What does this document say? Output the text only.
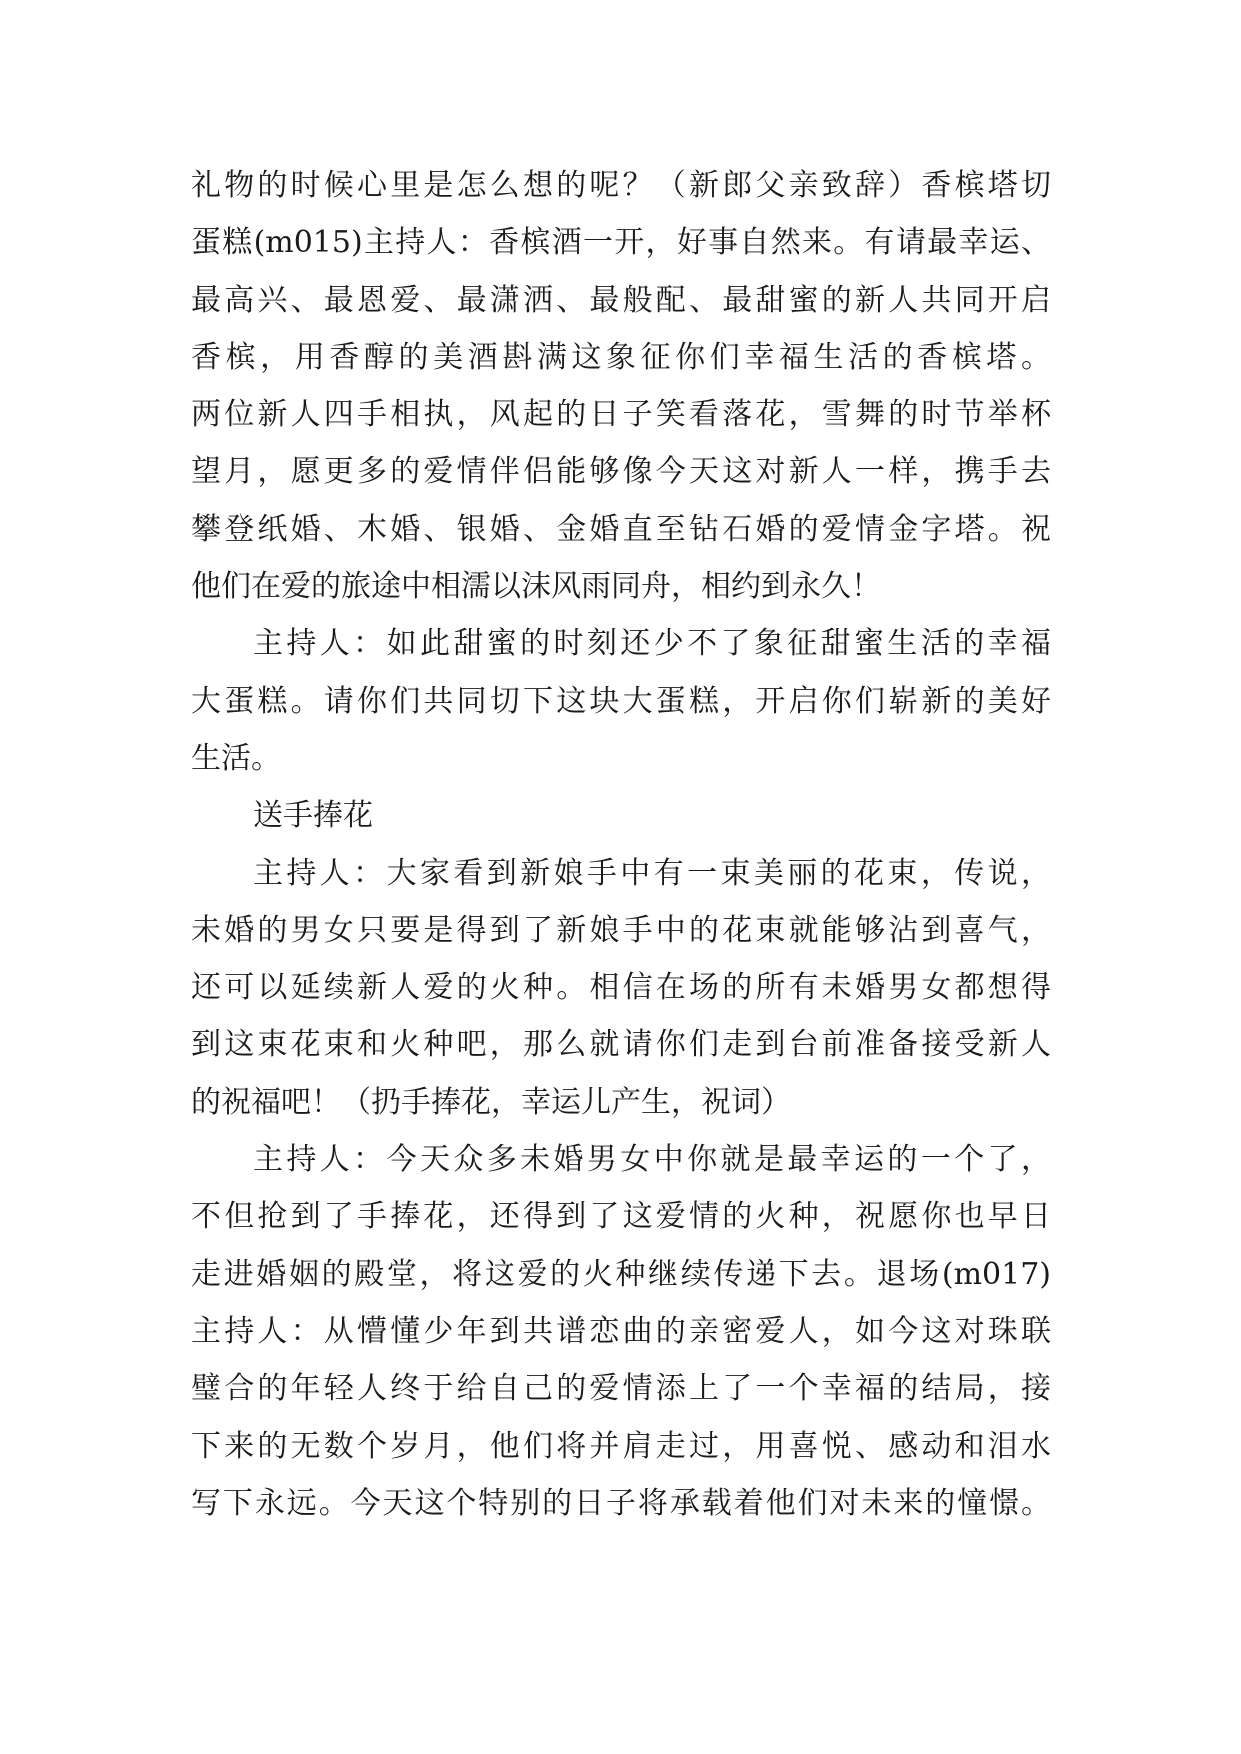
礼物的时候心里是怎么想的呢？（新郎父亲致辞）香槟塔切
蛋糕(m015)主持人：香槟酒一开，好事自然来。有请最幸运、
最高兴、最恩爱、最潇洒、最般配、最甜蜜的新人共同开启
香槟，用香醇的美酒斟满这象征你们幸福生活的香槟塔。
两位新人四手相执，风起的日子笑看落花，雪舞的时节举杯
望月，愿更多的爱情伴侣能够像今天这对新人一样，携手去
攀登纸婚、木婚、银婚、金婚直至钻石婚的爱情金字塔。祝
他们在爱的旅途中相濡以沫风雨同舟，相约到永久！
主持人：如此甜蜜的时刻还少不了象征甜蜜生活的幸福
大蛋糕。请你们共同切下这块大蛋糕，开启你们崭新的美好
生活。
送手捧花
主持人：大家看到新娘手中有一束美丽的花束，传说，
未婚的男女只要是得到了新娘手中的花束就能够沾到喜气，
还可以延续新人爱的火种。相信在场的所有未婚男女都想得
到这束花束和火种吧，那么就请你们走到台前准备接受新人
的祝福吧！（扔手捧花，幸运儿产生，祝词）
主持人：今天众多未婚男女中你就是最幸运的一个了，
不但抢到了手捧花，还得到了这爱情的火种，祝愿你也早日
走进婚姻的殿堂，将这爱的火种继续传递下去。退场(m017)
主持人：从懵懂少年到共谱恋曲的亲密爱人，如今这对珠联
璧合的年轻人终于给自己的爱情添上了一个幸福的结局，接
下来的无数个岁月，他们将并肩走过，用喜悦、感动和泪水
写下永远。今天这个特别的日子将承载着他们对未来的憧憬。
